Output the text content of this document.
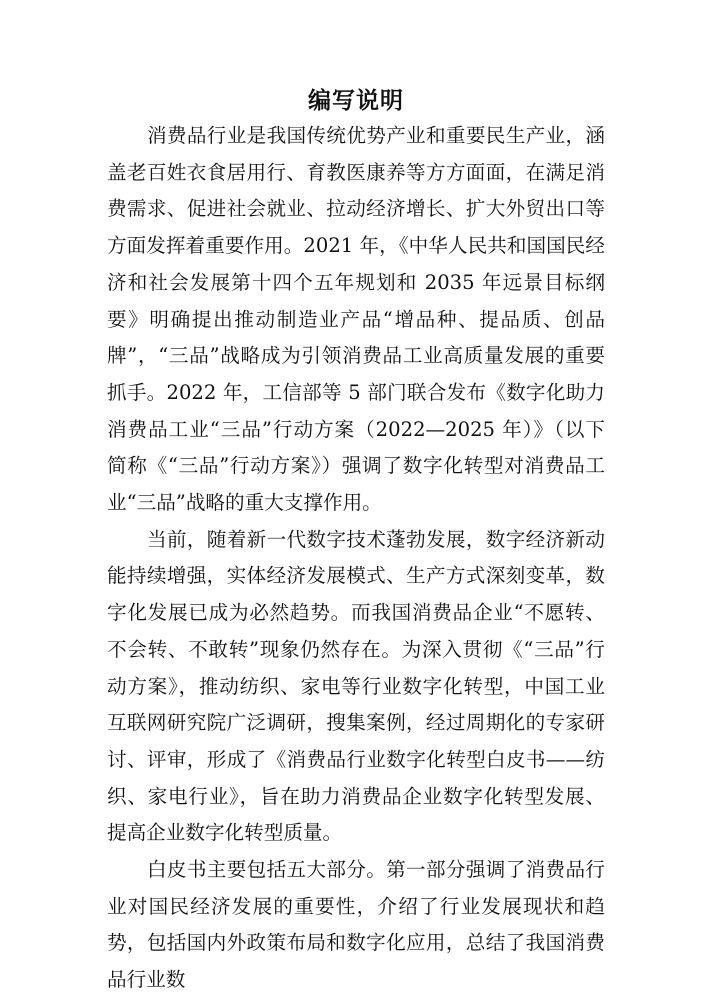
编写说明

消费品行业是我国传统优势产业和重要民生产业，涵盖老百姓衣食居用行、育教医康养等方方面面，在满足消费需求、促进社会就业、拉动经济增长、扩大外贸出口等方面发挥着重要作用。2021 年，《中华人民共和国国民经济和社会发展第十四个五年规划和 2035 年远景目标纲要》明确提出推动制造业产品“增品种、提品质、创品牌”，“三品”战略成为引领消费品工业高质量发展的重要抓手。2022 年，工信部等 5 部门联合发布《数字化助力消费品工业“三品”行动方案（2022—2025 年）》（以下简称《“三品”行动方案》）强调了数字化转型对消费品工业“三品”战略的重大支撑作用。

当前，随着新一代数字技术蓬勃发展，数字经济新动能持续增强，实体经济发展模式、生产方式深刻变革，数字化发展已成为必然趋势。而我国消费品企业“不愿转、不会转、不敢转”现象仍然存在。为深入贯彻《“三品”行动方案》，推动纺织、家电等行业数字化转型，中国工业互联网研究院广泛调研，搜集案例，经过周期化的专家研讨、评审，形成了《消费品行业数字化转型白皮书——纺织、家电行业》，旨在助力消费品企业数字化转型发展、提高企业数字化转型质量。

白皮书主要包括五大部分。第一部分强调了消费品行业对国民经济发展的重要性，介绍了行业发展现状和趋势，包括国内外政策布局和数字化应用，总结了我国消费品行业数
